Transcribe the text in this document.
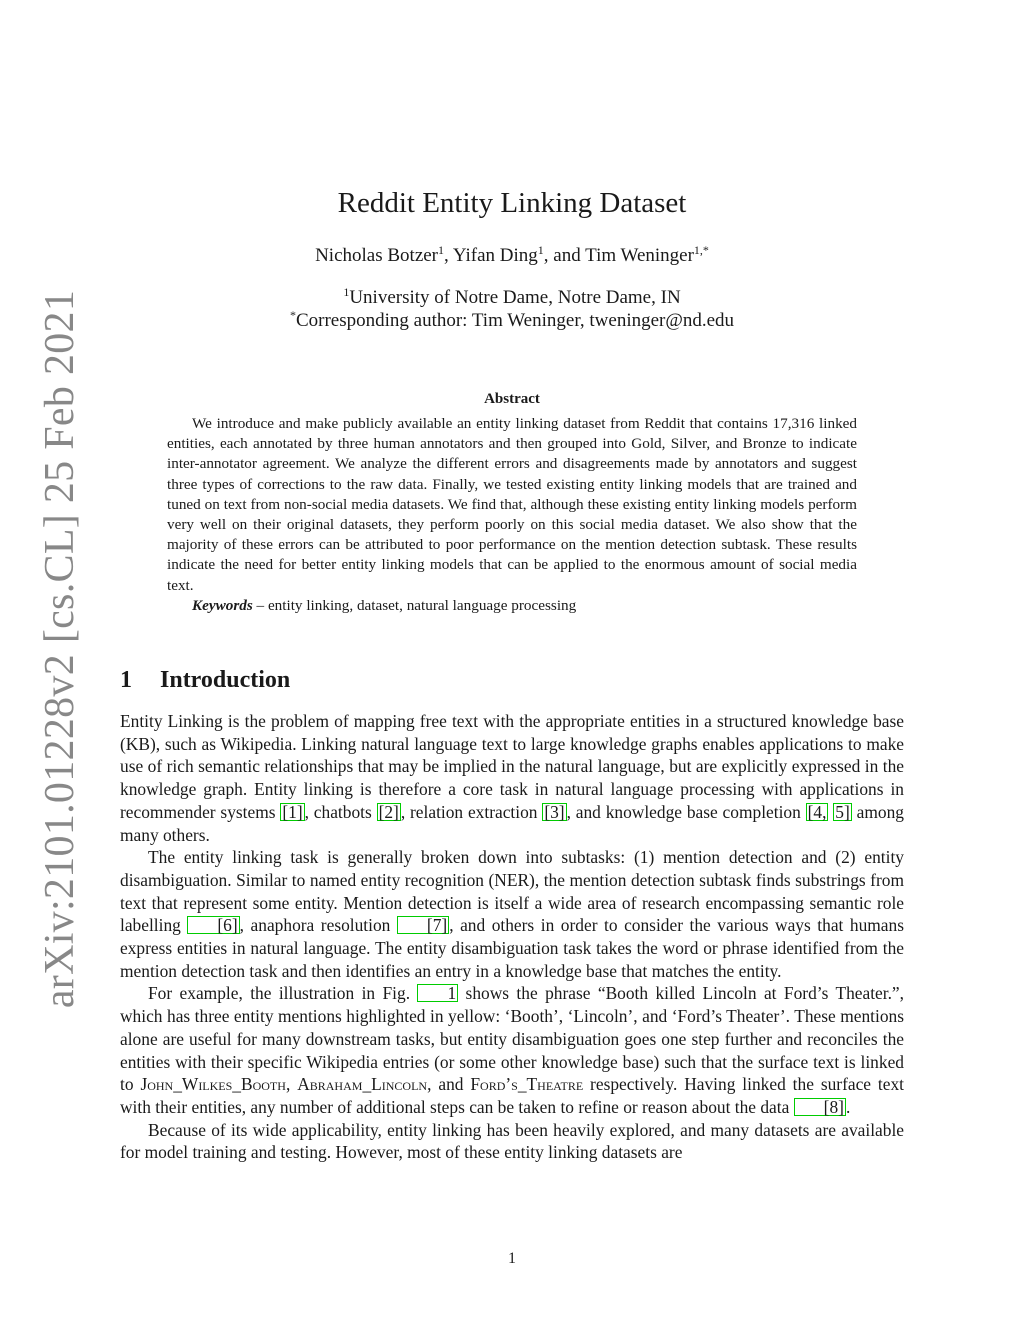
arXiv:2101.01228v2 [cs.CL] 25 Feb 2021
Reddit Entity Linking Dataset
Nicholas Botzer$^1$, Yifan Ding$^1$, and Tim Weninger$^{1,*}$
$^1$University of Notre Dame, Notre Dame, IN
*Corresponding author: Tim Weninger, tweninger@nd.edu
Abstract

We introduce and make publicly available an entity linking dataset from Reddit that contains 17,316 linked entities, each annotated by three human annotators and then grouped into Gold, Silver, and Bronze to indicate inter-annotator agreement. We analyze the different errors and disagreements made by annotators and suggest three types of corrections to the raw data. Finally, we tested existing entity linking models that are trained and tuned on text from non-social media datasets. We find that, although these existing entity linking models perform very well on their original datasets, they perform poorly on this social media dataset. We also show that the majority of these errors can be attributed to poor performance on the mention detection subtask. These results indicate the need for better entity linking models that can be applied to the enormous amount of social media text.

Keywords – entity linking, dataset, natural language processing

1 Introduction

Entity Linking is the problem of mapping free text with the appropriate entities in a structured knowledge base (KB), such as Wikipedia. Linking natural language text to large knowledge graphs enables applications to make use of rich semantic relationships that may be implied in the natural language, but are explicitly expressed in the knowledge graph. Entity linking is therefore a core task in natural language processing with applications in recommender systems [1] , chatbots [2] , relation extraction [3] , and knowledge base completion [4, 5] among many others.

The entity linking task is generally broken down into subtasks: (1) mention detection and (2) entity disambiguation. Similar to named entity recognition (NER), the mention detection subtask finds substrings from text that represent some entity. Mention detection is itself a wide area of research encompassing semantic role labelling [6] , anaphora resolution [7] , and others in order to consider the various ways that humans express entities in natural language. The entity disambiguation task takes the word or phrase identified from the mention detection task and then identifies an entry in a knowledge base that matches the entity.

For example, the illustration in Fig. 1 shows the phrase “Booth killed Lincoln at Ford’s Theater.”, which has three entity mentions highlighted in yellow: ‘Booth’, ‘Lincoln’, and ‘Ford’s Theater’. These mentions alone are useful for many downstream tasks, but entity disambiguation goes one step further and reconciles the entities with their specific Wikipedia entries (or some other knowledge base) such that the surface text is linked to John_Wilkes_Booth, Abraham_Lincoln, and Ford’s_Theatre respectively. Having linked the surface text with their entities, any number of additional steps can be taken to refine or reason about the data [8] .

Because of its wide applicability, entity linking has been heavily explored, and many datasets are available for model training and testing. However, most of these entity linking datasets are

1
